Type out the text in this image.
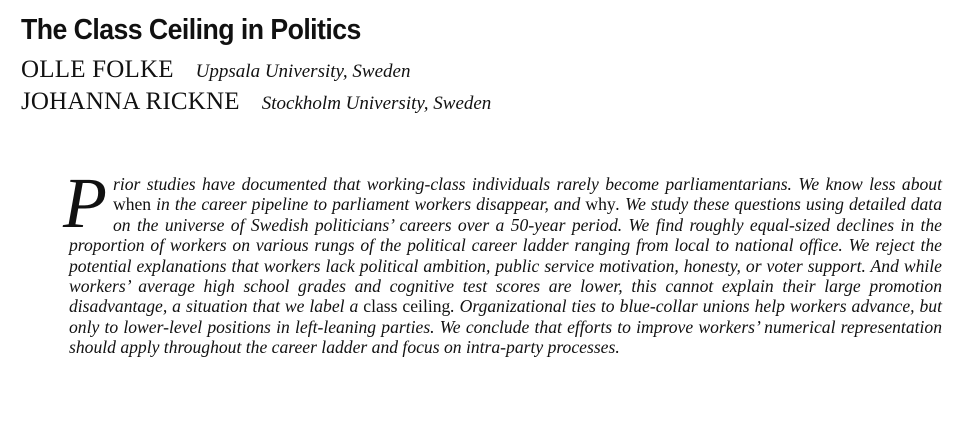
The Class Ceiling in Politics
OLLE FOLKE Uppsala University, Sweden
JOHANNA RICKNE Stockholm University, Sweden

Prior studies have documented that working-class individuals rarely become parliamentarians. We know less about when in the career pipeline to parliament workers disappear, and why. We study these questions using detailed data on the universe of Swedish politicians’ careers over a 50-year period. We find roughly equal-sized declines in the proportion of workers on various rungs of the political career ladder ranging from local to national office. We reject the potential explanations that workers lack political ambition, public service motivation, honesty, or voter support. And while workers’ average high school grades and cognitive test scores are lower, this cannot explain their large promotion disadvantage, a situation that we label a class ceiling. Organizational ties to blue-collar unions help workers advance, but only to lower-level positions in left-leaning parties. We conclude that efforts to improve workers’ numerical representation should apply throughout the career ladder and focus on intra-party processes.
